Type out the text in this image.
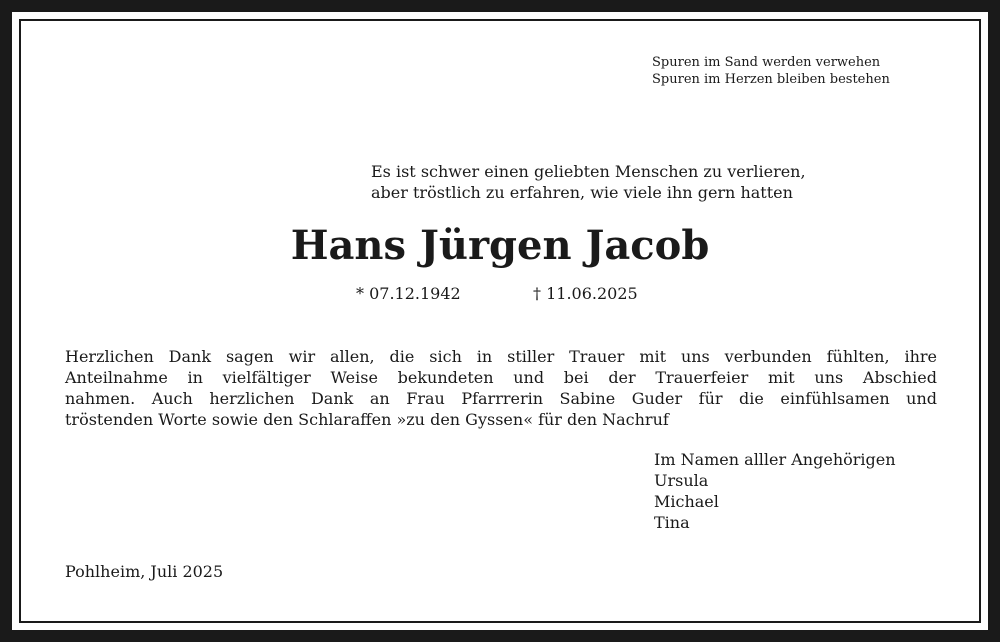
Spuren im Sand werden verwehen
Spuren im Herzen bleiben bestehen
Es ist schwer einen geliebten Menschen zu verlieren,
aber tröstlich zu erfahren, wie viele ihn gern hatten
Hans Jürgen Jacob
* 07.12.1942	† 11.06.2025
Herzlichen Dank sagen wir allen, die sich in stiller Trauer mit uns verbunden fühlten, ihre
Anteilnahme in vielfältiger Weise bekundeten und bei der Trauerfeier mit uns Abschied
nahmen. Auch herzlichen Dank an Frau Pfarrrerin Sabine Guder für die einfühlsamen und
tröstenden Worte sowie den Schlaraffen »zu den Gyssen« für den Nachruf
Im Namen alller Angehörigen
Ursula
Michael
Tina
Pohlheim, Juli 2025
